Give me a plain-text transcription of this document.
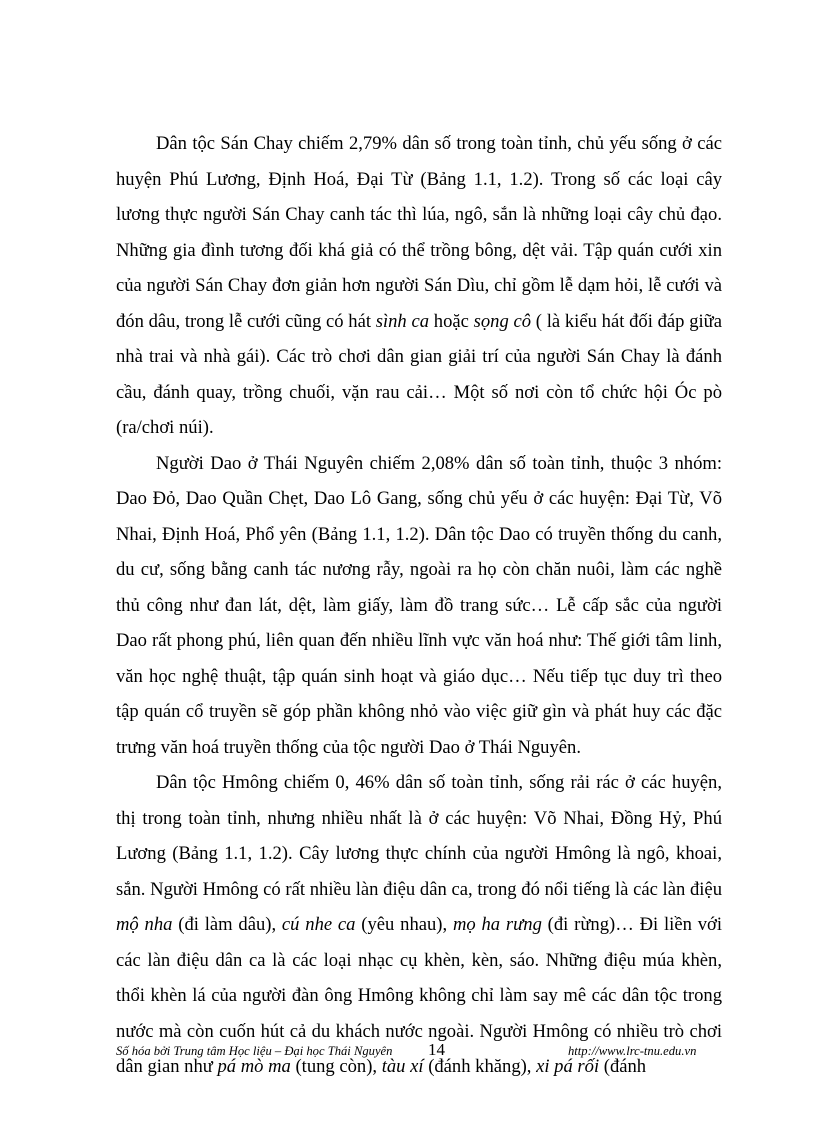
Dân tộc Sán Chay chiếm 2,79% dân số trong toàn tỉnh, chủ yếu sống ở các huyện Phú Lương, Định Hoá, Đại Từ (Bảng 1.1, 1.2). Trong số các loại cây lương thực người Sán Chay canh tác thì lúa, ngô, sắn là những loại cây chủ đạo. Những gia đình tương đối khá giả có thể trồng bông, dệt vải. Tập quán cưới xin của người Sán Chay đơn giản hơn người Sán Dìu, chỉ gồm lễ dạm hỏi, lễ cưới và đón dâu, trong lễ cưới cũng có hát sình ca hoặc sọng cô ( là kiểu hát đối đáp giữa nhà trai và nhà gái). Các trò chơi dân gian giải trí của người Sán Chay là đánh cầu, đánh quay, trồng chuối, vặn rau cải… Một số nơi còn tổ chức hội Óc pò (ra/chơi núi).

Người Dao ở Thái Nguyên chiếm 2,08% dân số toàn tỉnh, thuộc 3 nhóm: Dao Đỏ, Dao Quần Chẹt, Dao Lô Gang, sống chủ yếu ở các huyện: Đại Từ, Võ Nhai, Định Hoá, Phổ yên (Bảng 1.1, 1.2). Dân tộc Dao có truyền thống du canh, du cư, sống bằng canh tác nương rẫy, ngoài ra họ còn chăn nuôi, làm các nghề thủ công như đan lát, dệt, làm giấy, làm đồ trang sức… Lễ cấp sắc của người Dao rất phong phú, liên quan đến nhiều lĩnh vực văn hoá như: Thế giới tâm linh, văn học nghệ thuật, tập quán sinh hoạt và giáo dục… Nếu tiếp tục duy trì theo tập quán cổ truyền sẽ góp phần không nhỏ vào việc giữ gìn và phát huy các đặc trưng văn hoá truyền thống của tộc người Dao ở Thái Nguyên.

Dân tộc Hmông chiếm 0, 46% dân số toàn tỉnh, sống rải rác ở các huyện, thị trong toàn tỉnh, nhưng nhiều nhất là ở các huyện: Võ Nhai, Đồng Hỷ, Phú Lương (Bảng 1.1, 1.2). Cây lương thực chính của người Hmông là ngô, khoai, sắn. Người Hmông có rất nhiều làn điệu dân ca, trong đó nổi tiếng là các làn điệu mộ nha (đi làm dâu), cú nhe ca (yêu nhau), mọ ha rưng (đi rừng)… Đi liền với các làn điệu dân ca là các loại nhạc cụ khèn, kèn, sáo. Những điệu múa khèn, thổi khèn lá của người đàn ông Hmông không chỉ làm say mê các dân tộc trong nước mà còn cuốn hút cả du khách nước ngoài. Người Hmông có nhiều trò chơi dân gian như pá mò ma (tung còn), tàu xí (đánh khăng), xi pá rối (đánh

Số hóa bởi Trung tâm Học liệu – Đại học Thái Nguyên 14	http://www.lrc-tnu.edu.vn
